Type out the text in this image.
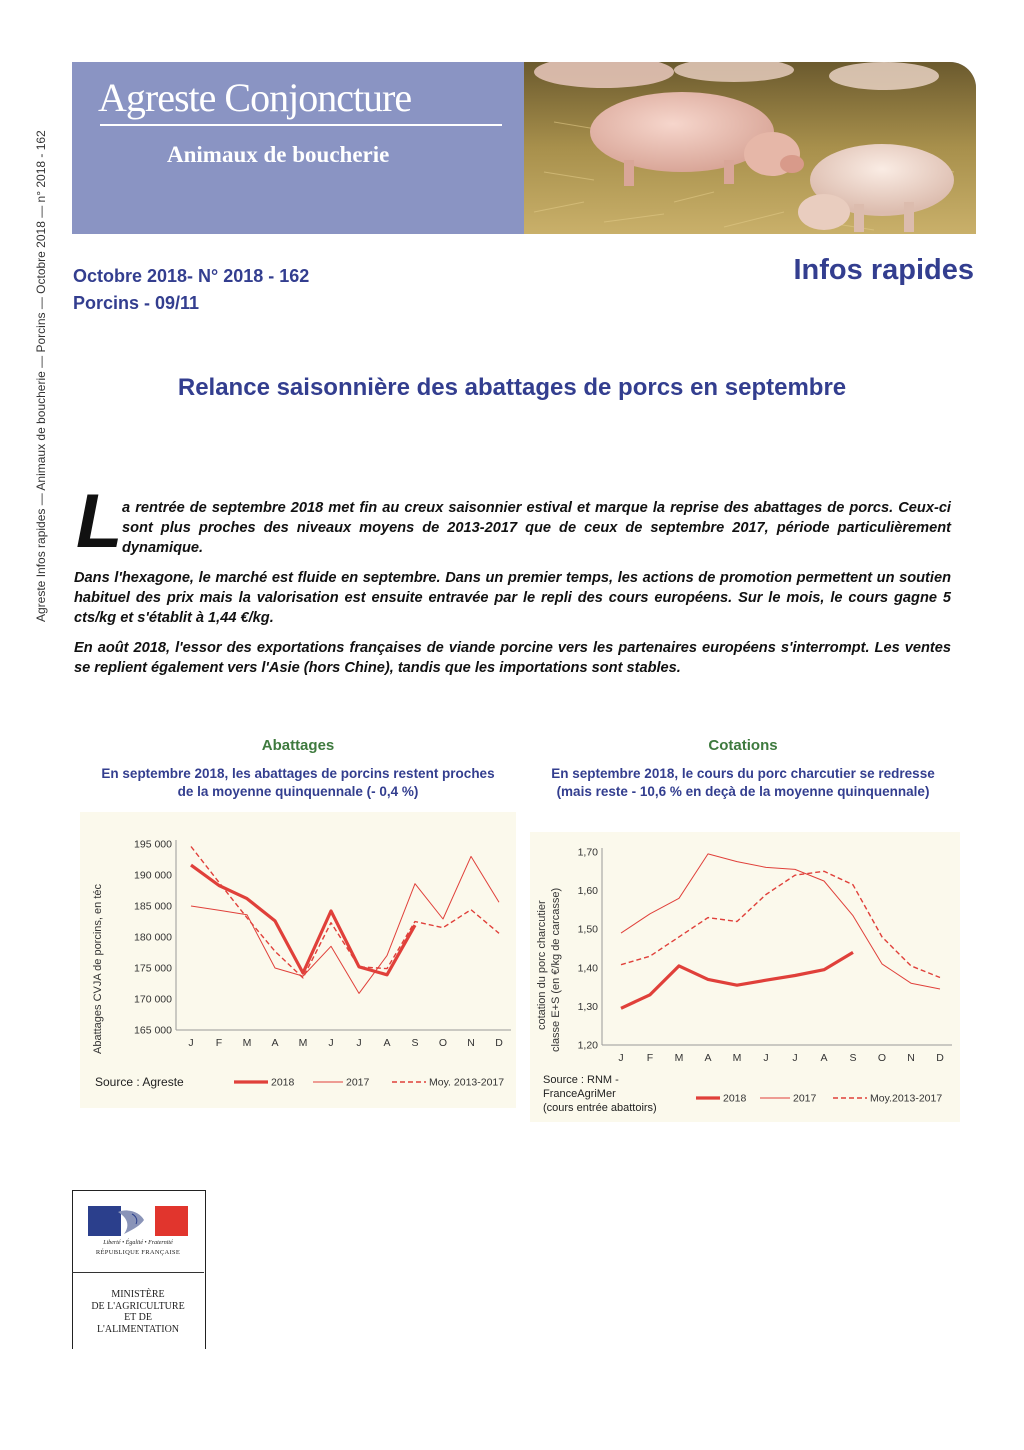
Agreste Infos rapides — Animaux de boucherie — Porcins — Octobre 2018 — n° 2018 - 162
Agreste Conjoncture
Animaux de boucherie
Octobre 2018- N° 2018 - 162
Porcins - 09/11
Infos rapides
Relance saisonnière des abattages de porcs en septembre
L a rentrée de septembre 2018 met fin au creux saisonnier estival et marque la reprise des abattages de porcs. Ceux-ci sont plus proches des niveaux moyens de 2013-2017 que de ceux de septembre 2017, période particulièrement dynamique.
Dans l'hexagone, le marché est fluide en septembre. Dans un premier temps, les actions de promotion permettent un soutien habituel des prix mais la valorisation est ensuite entravée par le repli des cours européens. Sur le mois, le cours gagne 5 cts/kg et s'établit à 1,44 €/kg.
En août 2018, l'essor des exportations françaises de viande porcine vers les partenaires européens s'interrompt. Les ventes se replient également vers l'Asie (hors Chine), tandis que les importations sont stables.
Abattages
En septembre 2018, les abattages de porcins restent proches de la moyenne quinquennale (- 0,4 %)
Abattages CVJA de porcins, en téc	165 000
170 000
175 000
180 000
185 000
190 000
195 000
J F M A M J J A S O N D
2018	2017	Moy. 2013-2017
Source : Agreste
Cotations
En septembre 2018, le cours du porc charcutier se redresse (mais reste - 10,6 % en deçà de la moyenne quinquennale)
cotation du porc charcutier classe E+S (en €/kg de carcasse) 1,20
1,30
1,40
1,50
1,60
1,70
J F M A M J J A S O N D
2018	2017	Moy.2013-2017
Source : RNM -
FranceAgriMer
(cours entrée abattoirs)
Liberté • Égalité • Fraternité
RÉPUBLIQUE FRANÇAISE
MINISTÈRE
DE L'AGRICULTURE
ET DE
L'ALIMENTATION
